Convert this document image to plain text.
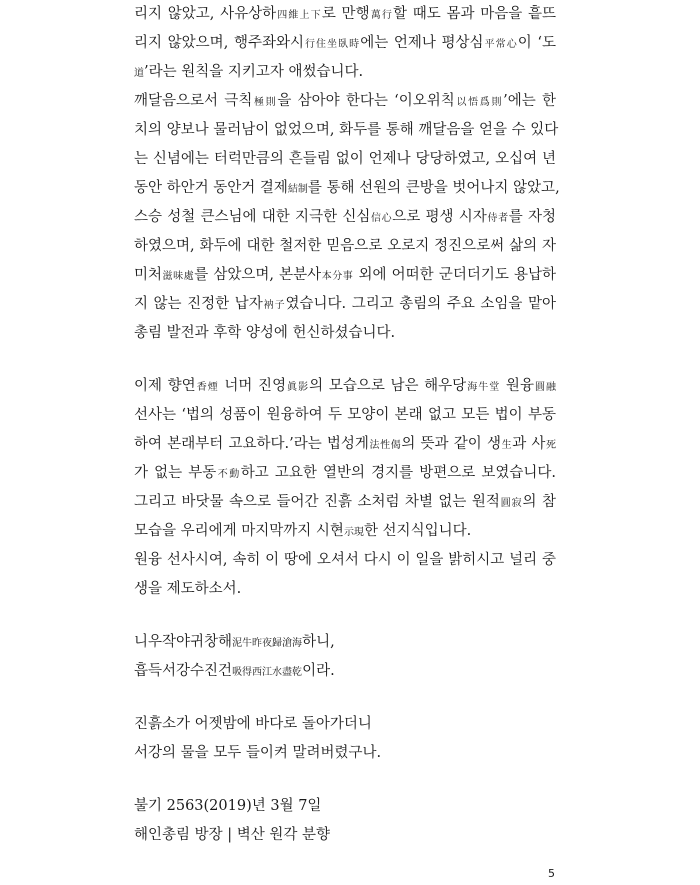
리지 않았고, 사유상하四維上下로 만행萬行할 때도 몸과 마음을 흩뜨
리지 않았으며, 행주좌와시行住坐臥時에는 언제나 평상심平常心이 ‘도
道’라는 원칙을 지키고자 애썼습니다.
깨달음으로서 극칙極則을 삼아야 한다는 ‘이오위칙以悟爲則’에는 한
치의 양보나 물러남이 없었으며, 화두를 통해 깨달음을 얻을 수 있다
는 신념에는 터럭만큼의 흔들림 없이 언제나 당당하였고, 오십여 년
동안 하안거 동안거 결제結制를 통해 선원의 큰방을 벗어나지 않았고,
스승 성철 큰스님에 대한 지극한 신심信心으로 평생 시자侍者를 자청
하였으며, 화두에 대한 철저한 믿음으로 오로지 정진으로써 삶의 자
미처滋味處를 삼았으며, 본분사本分事 외에 어떠한 군더더기도 용납하
지 않는 진정한 납자衲子였습니다. 그리고 총림의 주요 소임을 맡아
총림 발전과 후학 양성에 헌신하셨습니다.
이제 향연香煙 너머 진영眞影의 모습으로 남은 해우당海牛堂 원융圓融
선사는 ‘법의 성품이 원융하여 두 모양이 본래 없고 모든 법이 부동
하여 본래부터 고요하다.’라는 법성게法性偈의 뜻과 같이 생生과 사死
가 없는 부동不動하고 고요한 열반의 경지를 방편으로 보였습니다.
그리고 바닷물 속으로 들어간 진흙 소처럼 차별 없는 원적圓寂의 참
모습을 우리에게 마지막까지 시현示現한 선지식입니다.
원융 선사시여, 속히 이 땅에 오셔서 다시 이 일을 밝히시고 널리 중
생을 제도하소서.
니우작야귀창해泥牛昨夜歸滄海하니,
흡득서강수진건吸得西江水盡乾이라.
진흙소가 어젯밤에 바다로 돌아가더니
서강의 물을 모두 들이켜 말려버렸구나.
불기 2563(2019)년 3월 7일
해인총림 방장 | 벽산 원각 분향
5
